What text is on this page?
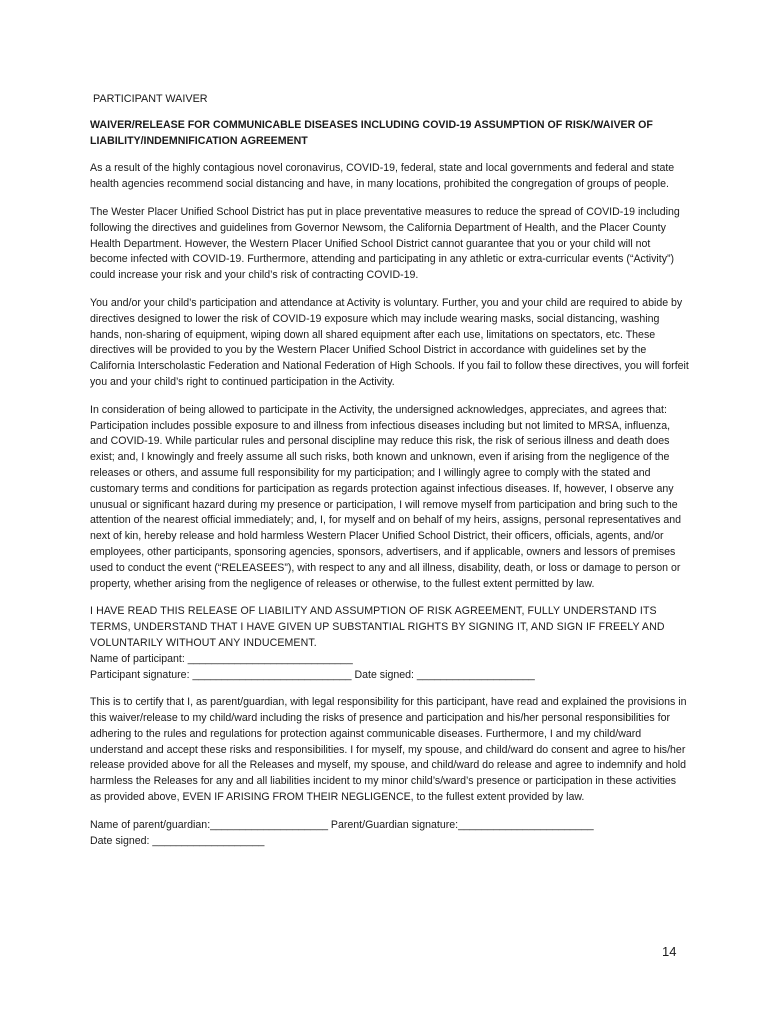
PARTICIPANT WAIVER
WAIVER/RELEASE FOR COMMUNICABLE DISEASES INCLUDING COVID-19 ASSUMPTION OF RISK/WAIVER OF LIABILITY/INDEMNIFICATION AGREEMENT

As a result of the highly contagious novel coronavirus, COVID-19, federal, state and local governments and federal and state health agencies recommend social distancing and have, in many locations, prohibited the congregation of groups of people.

The Wester Placer Unified School District has put in place preventative measures to reduce the spread of COVID-19 including following the directives and guidelines from Governor Newsom, the California Department of Health, and the Placer County Health Department. However, the Western Placer Unified School District cannot guarantee that you or your child will not become infected with COVID-19. Furthermore, attending and participating in any athletic or extra-curricular events (“Activity”) could increase your risk and your child’s risk of contracting COVID-19.

You and/or your child’s participation and attendance at Activity is voluntary. Further, you and your child are required to abide by directives designed to lower the risk of COVID-19 exposure which may include wearing masks, social distancing, washing hands, non-sharing of equipment, wiping down all shared equipment after each use, limitations on spectators, etc. These directives will be provided to you by the Western Placer Unified School District in accordance with guidelines set by the California Interscholastic Federation and National Federation of High Schools. If you fail to follow these directives, you will forfeit you and your child’s right to continued participation in the Activity.

In consideration of being allowed to participate in the Activity, the undersigned acknowledges, appreciates, and agrees that: Participation includes possible exposure to and illness from infectious diseases including but not limited to MRSA, influenza, and COVID-19. While particular rules and personal discipline may reduce this risk, the risk of serious illness and death does exist; and, I knowingly and freely assume all such risks, both known and unknown, even if arising from the negligence of the releases or others, and assume full responsibility for my participation; and I willingly agree to comply with the stated and customary terms and conditions for participation as regards protection against infectious diseases. If, however, I observe any unusual or significant hazard during my presence or participation, I will remove myself from participation and bring such to the attention of the nearest official immediately; and, I, for myself and on behalf of my heirs, assigns, personal representatives and next of kin, hereby release and hold harmless Western Placer Unified School District, their officers, officials, agents, and/or employees, other participants, sponsoring agencies, sponsors, advertisers, and if applicable, owners and lessors of premises used to conduct the event (“RELEASEES”), with respect to any and all illness, disability, death, or loss or damage to person or property, whether arising from the negligence of releases or otherwise, to the fullest extent permitted by law.

I HAVE READ THIS RELEASE OF LIABILITY AND ASSUMPTION OF RISK AGREEMENT, FULLY UNDERSTAND ITS TERMS, UNDERSTAND THAT I HAVE GIVEN UP SUBSTANTIAL RIGHTS BY SIGNING IT, AND SIGN IF FREELY AND VOLUNTARILY WITHOUT ANY INDUCEMENT.
Name of participant: ____________________________
Participant signature: ___________________________ Date signed: ____________________

This is to certify that I, as parent/guardian, with legal responsibility for this participant, have read and explained the provisions in this waiver/release to my child/ward including the risks of presence and participation and his/her personal responsibilities for adhering to the rules and regulations for protection against communicable diseases. Furthermore, I and my child/ward understand and accept these risks and responsibilities. I for myself, my spouse, and child/ward do consent and agree to his/her release provided above for all the Releases and myself, my spouse, and child/ward do release and agree to indemnify and hold harmless the Releases for any and all liabilities incident to my minor child’s/ward’s presence or participation in these activities as provided above, EVEN IF ARISING FROM THEIR NEGLIGENCE, to the fullest extent provided by law.

Name of parent/guardian:____________________ Parent/Guardian signature:_______________________
Date signed: ___________________
14
